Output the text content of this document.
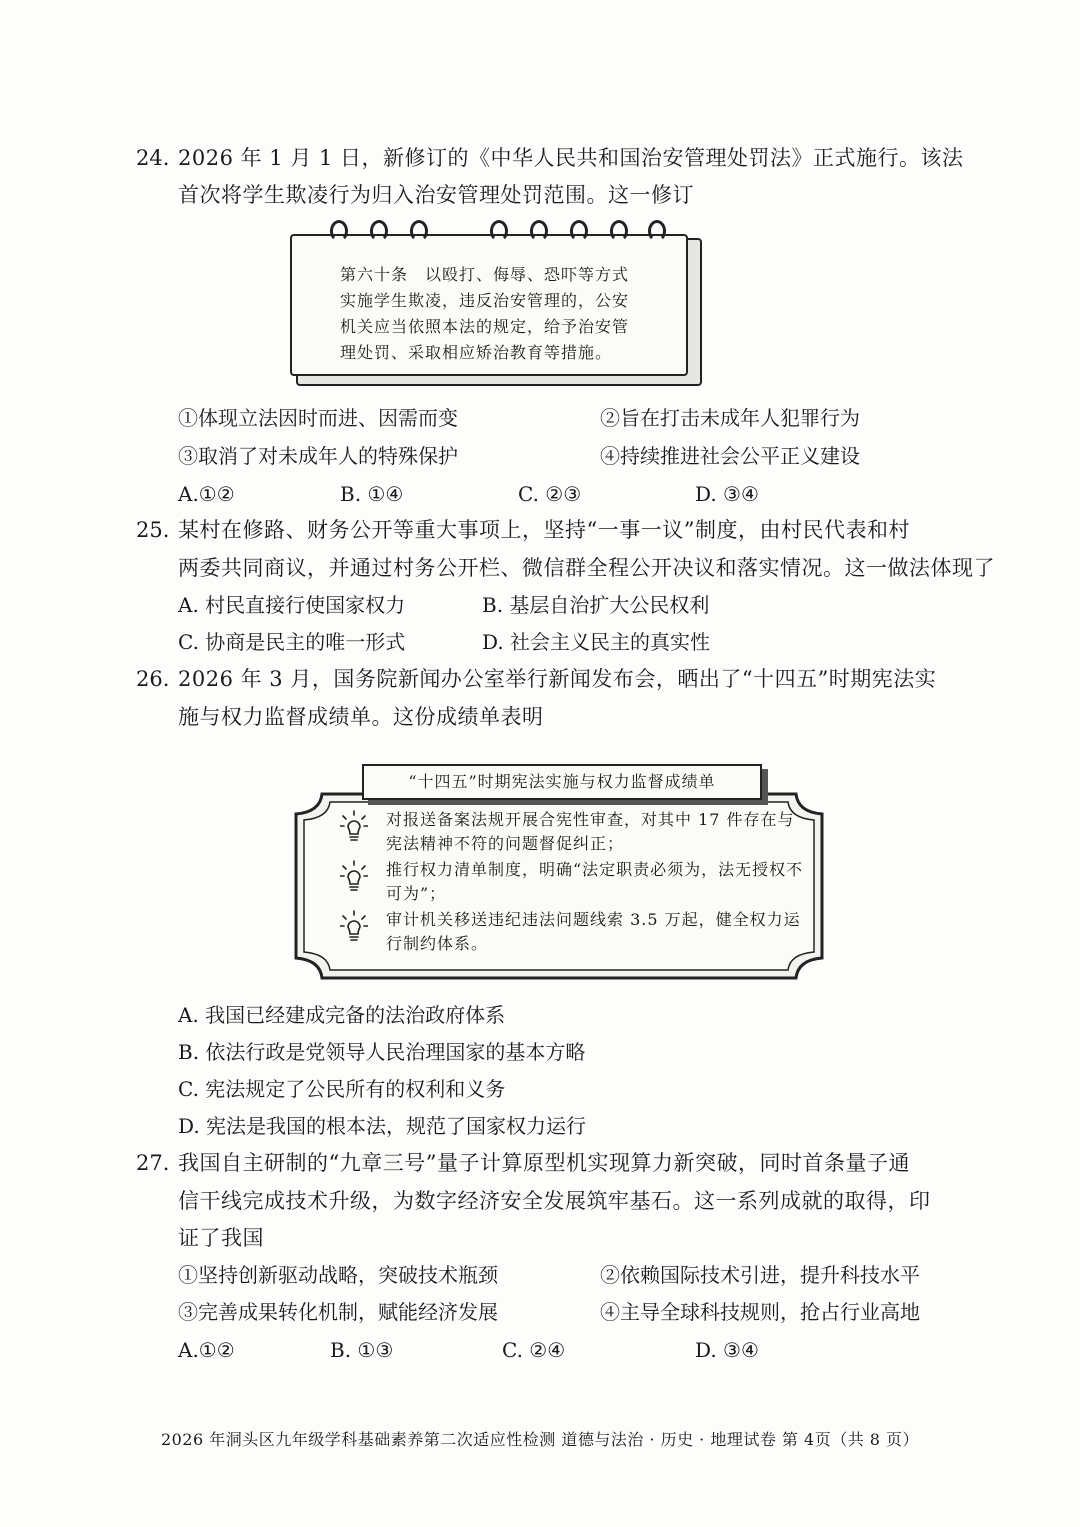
24. 2026 年 1 月 1 日，新修订的《中华人民共和国治安管理处罚法》正式施行。该法
首次将学生欺凌行为归入治安管理处罚范围。这一修订
第六十条　以殴打、侮辱、恐吓等方式
实施学生欺凌，违反治安管理的，公安
机关应当依照本法的规定，给予治安管
理处罚、采取相应矫治教育等措施。
①体现立法因时而进、因需而变	②旨在打击未成年人犯罪行为
③取消了对未成年人的特殊保护	④持续推进社会公平正义建设
A.①②	B. ①④	C. ②③	D. ③④
25. 某村在修路、财务公开等重大事项上，坚持“一事一议”制度，由村民代表和村
两委共同商议，并通过村务公开栏、微信群全程公开决议和落实情况。这一做法体现了
A. 村民直接行使国家权力	B. 基层自治扩大公民权利
C. 协商是民主的唯一形式	D. 社会主义民主的真实性
26. 2026 年 3 月，国务院新闻办公室举行新闻发布会，晒出了“十四五”时期宪法实
施与权力监督成绩单。这份成绩单表明
“十四五”时期宪法实施与权力监督成绩单
对报送备案法规开展合宪性审查，对其中 17 件存在与宪法精神不符的问题督促纠正；
推行权力清单制度，明确“法定职责必须为，法无授权不可为”；
审计机关移送违纪违法问题线索 3.5 万起，健全权力运行制约体系。
A. 我国已经建成完备的法治政府体系
B. 依法行政是党领导人民治理国家的基本方略
C. 宪法规定了公民所有的权利和义务
D. 宪法是我国的根本法，规范了国家权力运行
27. 我国自主研制的“九章三号”量子计算原型机实现算力新突破，同时首条量子通
信干线完成技术升级，为数字经济安全发展筑牢基石。这一系列成就的取得，印
证了我国
①坚持创新驱动战略，突破技术瓶颈	②依赖国际技术引进，提升科技水平
③完善成果转化机制，赋能经济发展	④主导全球科技规则，抢占行业高地
A.①②	B. ①③	C. ②④	D. ③④
2026 年洞头区九年级学科基础素养第二次适应性检测 道德与法治 · 历史 · 地理试卷 第 4页（共 8 页）
